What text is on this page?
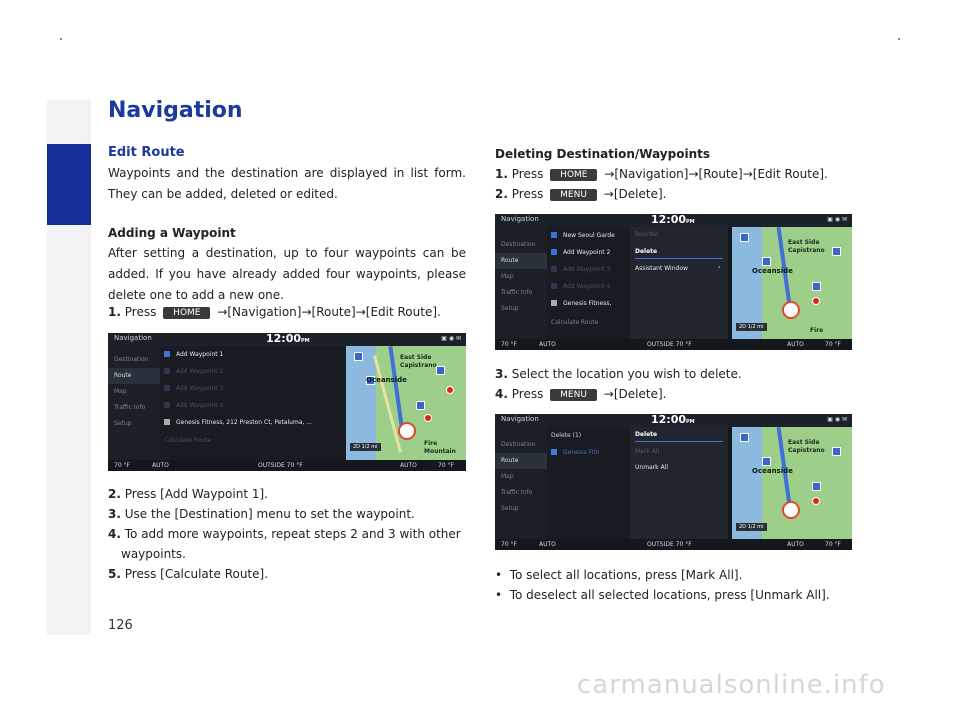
Navigation
Edit Route
Waypoints and the destination are displayed in list form. They can be added, deleted or edited.
Adding a Waypoint
After setting a destination, up to four waypoints can be added. If you have already added four waypoints, please delete one to add a new one.
1. Press HOME →[Navigation]→[Route]→[Edit Route].
Navigation	12:00PM	▣ ◉ ✉
Destination
Route
Map
Traffic Info
Setup
Add Waypoint 1
Add Waypoint 2
Add Waypoint 3
Add Waypoint 4
Genesis Fitness, 212 Preston Ct, Petaluma, ...
Calculate Route
East Side
Capistrano
Oceanside
Fire
Mountain
2D 1/2 mi
70 °F	AUTO	OUTSIDE 70 °F	AUTO	70 °F
2. Press [Add Waypoint 1].
3. Use the [Destination] menu to set the waypoint.
4. To add more waypoints, repeat steps 2 and 3 with other
waypoints.
5. Press [Calculate Route].
Deleting Destination/Waypoints
1. Press HOME →[Navigation]→[Route]→[Edit Route].
2. Press MENU →[Delete].
Navigation	12:00PM	▣ ◉ ✉
Destination
Route
Map
Traffic Info
Setup
New Seoul Garde
Add Waypoint 2
Add Waypoint 3
Add Waypoint 4
Genesis Fitness,
Calculate Route
Reorder
Delete
Assistant Window	›
East Side
Capistrano
Oceanside
Fire
2D 1/2 mi
70 °F	AUTO	OUTSIDE 70 °F	AUTO	70 °F
3. Select the location you wish to delete.
4. Press MENU →[Delete].
Navigation	12:00PM	▣ ◉ ✉
Destination
Route
Map
Traffic Info
Setup
Delete (1)
Genesis Fitn
Delete
Mark All
Unmark All
East Side
Capistrano
Oceanside
2D 1/2 mi
70 °F	AUTO	OUTSIDE 70 °F	AUTO	70 °F
•  To select all locations, press [Mark All].
•  To deselect all selected locations, press [Unmark All].
126
carmanualsonline.info
